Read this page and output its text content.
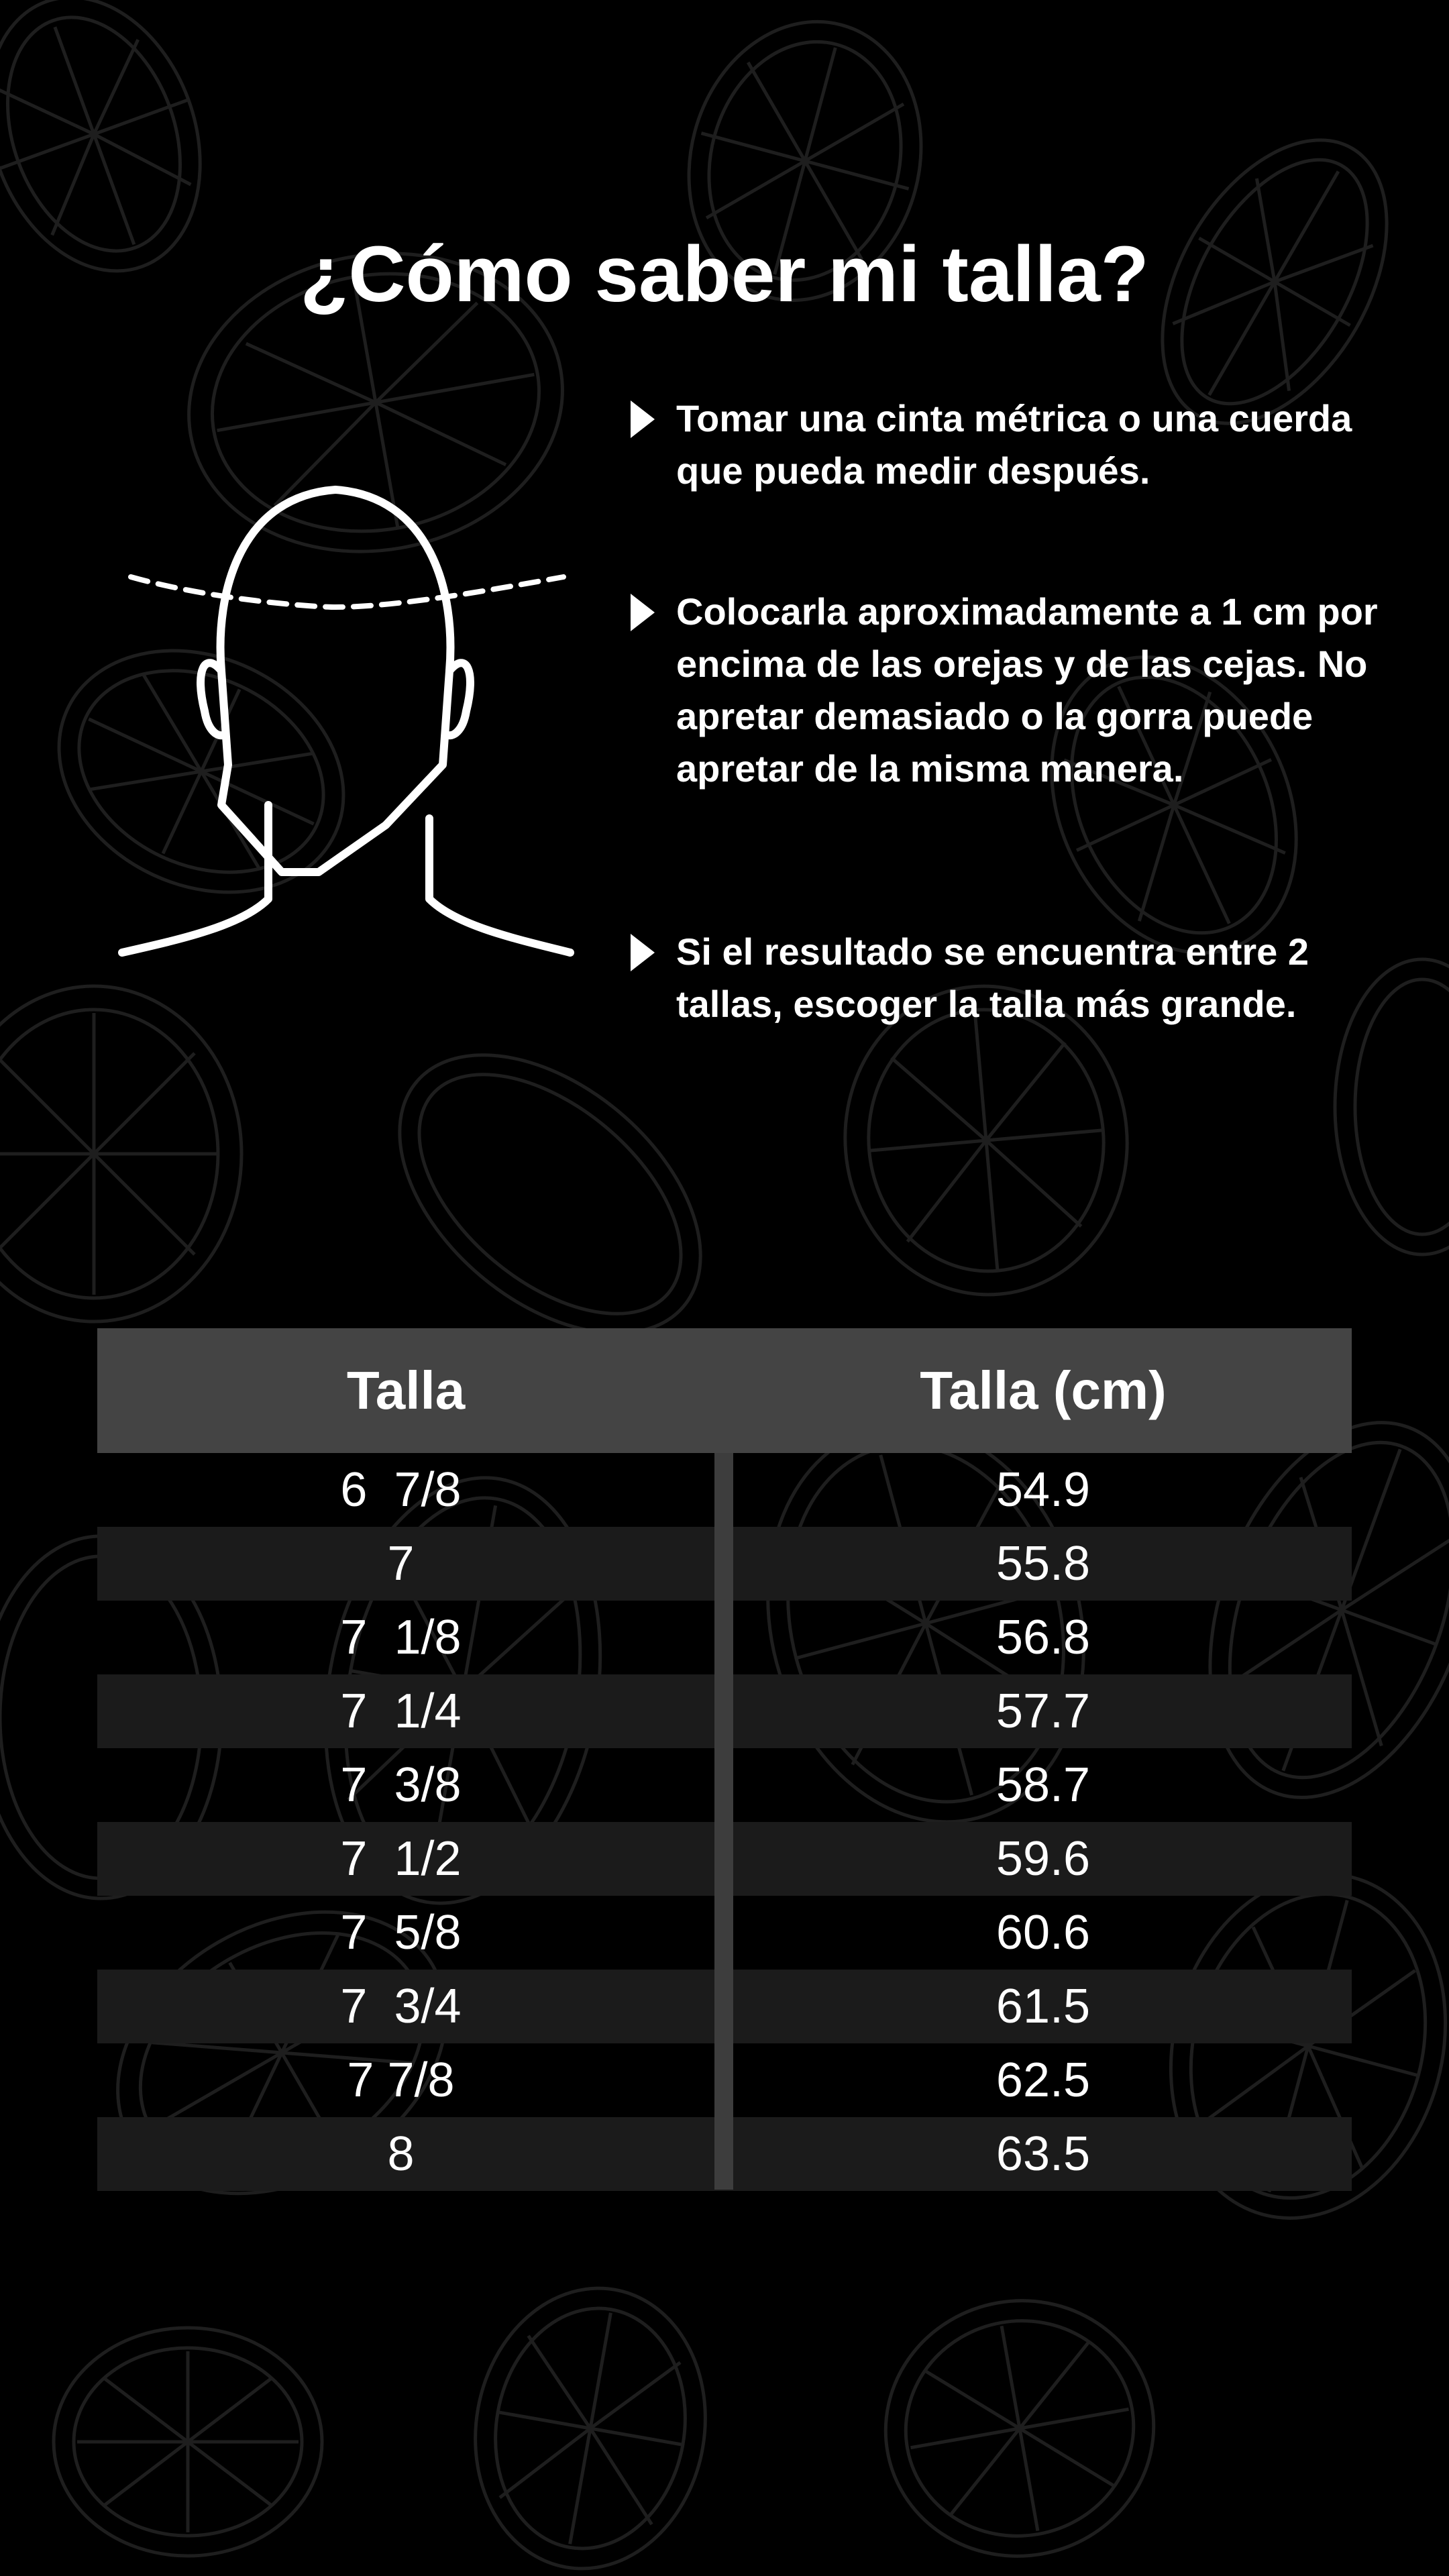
¿Cómo saber mi talla?
Tomar una cinta métrica o una cuerda que pueda medir después.
Colocarla aproximadamente a 1 cm por encima de las orejas y de las cejas. No apretar demasiado o la gorra puede apretar de la misma manera.
Si el resultado se encuentra entre 2 tallas, escoger la talla más grande.
Talla	Talla (cm)
6  7/8	54.9
7	55.8
7  1/8	56.8
7  1/4	57.7
7  3/8	58.7
7  1/2	59.6
7  5/8	60.6
7  3/4	61.5
7 7/8	62.5
8	63.5
